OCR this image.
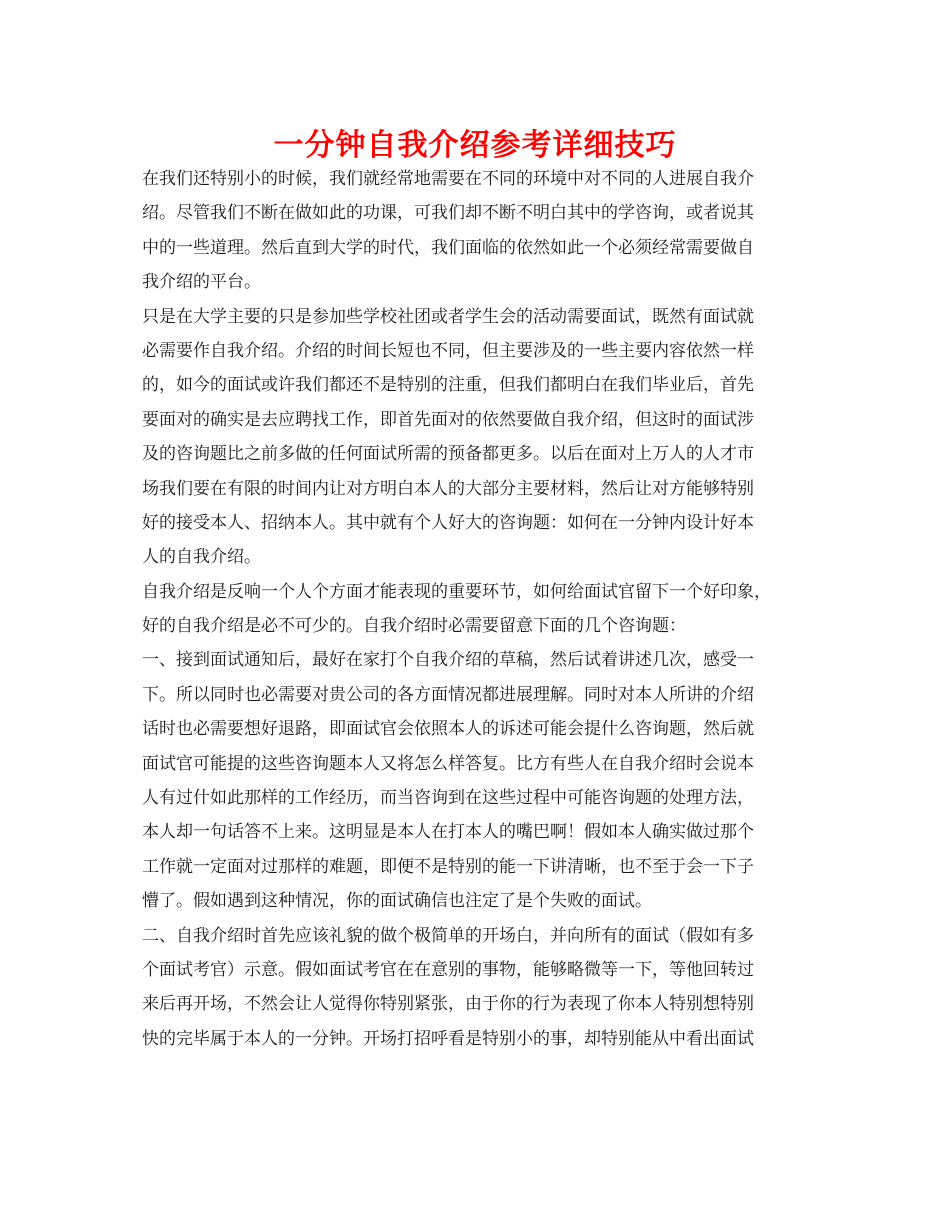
一分钟自我介绍参考详细技巧
在我们还特别小的时候，我们就经常地需要在不同的环境中对不同的人进展自我介
绍。尽管我们不断在做如此的功课，可我们却不断不明白其中的学咨询，或者说其
中的一些道理。然后直到大学的时代，我们面临的依然如此一个必须经常需要做自
我介绍的平台。
只是在大学主要的只是参加些学校社团或者学生会的活动需要面试，既然有面试就
必需要作自我介绍。介绍的时间长短也不同，但主要涉及的一些主要内容依然一样
的，如今的面试或许我们都还不是特别的注重，但我们都明白在我们毕业后，首先
要面对的确实是去应聘找工作，即首先面对的依然要做自我介绍，但这时的面试涉
及的咨询题比之前多做的任何面试所需的预备都更多。以后在面对上万人的人才市
场我们要在有限的时间内让对方明白本人的大部分主要材料，然后让对方能够特别
好的接受本人、招纳本人。其中就有个人好大的咨询题：如何在一分钟内设计好本
人的自我介绍。
自我介绍是反响一个人个方面才能表现的重要环节，如何给面试官留下一个好印象，
好的自我介绍是必不可少的。自我介绍时必需要留意下面的几个咨询题：
一、接到面试通知后，最好在家打个自我介绍的草稿，然后试着讲述几次，感受一
下。所以同时也必需要对贵公司的各方面情况都进展理解。同时对本人所讲的介绍
话时也必需要想好退路，即面试官会依照本人的诉述可能会提什么咨询题，然后就
面试官可能提的这些咨询题本人又将怎么样答复。比方有些人在自我介绍时会说本
人有过什如此那样的工作经历，而当咨询到在这些过程中可能咨询题的处理方法，
本人却一句话答不上来。这明显是本人在打本人的嘴巴啊！假如本人确实做过那个
工作就一定面对过那样的难题，即便不是特别的能一下讲清晰，也不至于会一下子
懵了。假如遇到这种情况，你的面试确信也注定了是个失败的面试。
二、自我介绍时首先应该礼貌的做个极简单的开场白，并向所有的面试（假如有多
个面试考官）示意。假如面试考官在在意别的事物，能够略微等一下，等他回转过
来后再开场，不然会让人觉得你特别紧张，由于你的行为表现了你本人特别想特别
快的完毕属于本人的一分钟。开场打招呼看是特别小的事，却特别能从中看出面试
